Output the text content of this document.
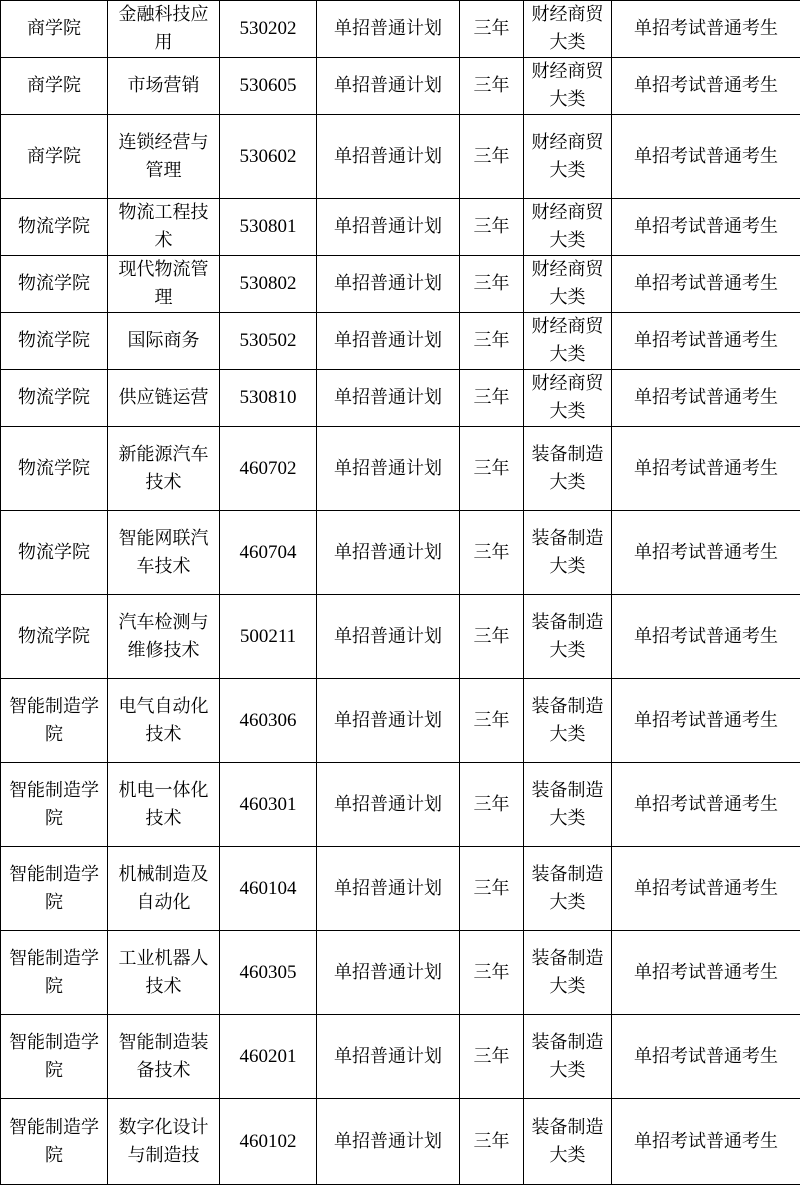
商学院	金融科技应用	530202	单招普通计划	三年	财经商贸大类	单招考试普通考生
商学院	市场营销	530605	单招普通计划	三年	财经商贸大类	单招考试普通考生
商学院	连锁经营与管理	530602	单招普通计划	三年	财经商贸大类	单招考试普通考生
物流学院	物流工程技术	530801	单招普通计划	三年	财经商贸大类	单招考试普通考生
物流学院	现代物流管理	530802	单招普通计划	三年	财经商贸大类	单招考试普通考生
物流学院	国际商务	530502	单招普通计划	三年	财经商贸大类	单招考试普通考生
物流学院	供应链运营	530810	单招普通计划	三年	财经商贸大类	单招考试普通考生
物流学院	新能源汽车技术	460702	单招普通计划	三年	装备制造大类	单招考试普通考生
物流学院	智能网联汽车技术	460704	单招普通计划	三年	装备制造大类	单招考试普通考生
物流学院	汽车检测与维修技术	500211	单招普通计划	三年	装备制造大类	单招考试普通考生
智能制造学院	电气自动化技术	460306	单招普通计划	三年	装备制造大类	单招考试普通考生
智能制造学院	机电一体化技术	460301	单招普通计划	三年	装备制造大类	单招考试普通考生
智能制造学院	机械制造及自动化	460104	单招普通计划	三年	装备制造大类	单招考试普通考生
智能制造学院	工业机器人技术	460305	单招普通计划	三年	装备制造大类	单招考试普通考生
智能制造学院	智能制造装备技术	460201	单招普通计划	三年	装备制造大类	单招考试普通考生
智能制造学院	数字化设计与制造技	460102	单招普通计划	三年	装备制造大类	单招考试普通考生
